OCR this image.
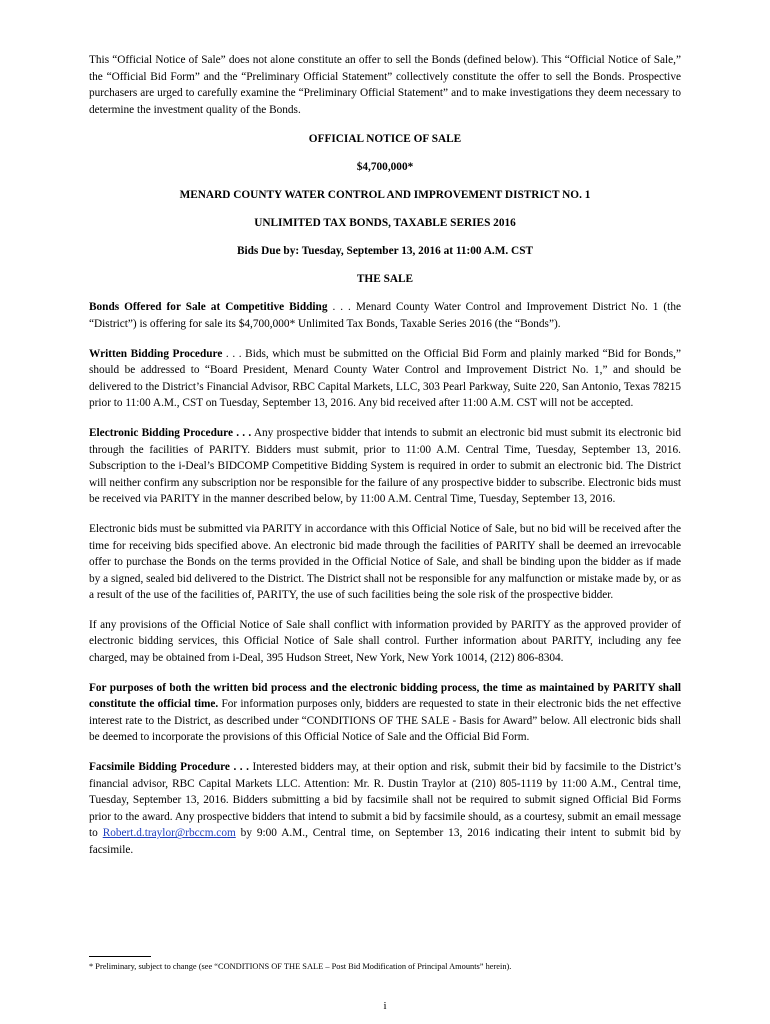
This “Official Notice of Sale” does not alone constitute an offer to sell the Bonds (defined below). This “Official Notice of Sale,” the “Official Bid Form” and the “Preliminary Official Statement” collectively constitute the offer to sell the Bonds. Prospective purchasers are urged to carefully examine the “Preliminary Official Statement” and to make investigations they deem necessary to determine the investment quality of the Bonds.

OFFICIAL NOTICE OF SALE
$4,700,000*
MENARD COUNTY WATER CONTROL AND IMPROVEMENT DISTRICT NO. 1
UNLIMITED TAX BONDS, TAXABLE SERIES 2016
Bids Due by: Tuesday, September 13, 2016 at 11:00 A.M. CST
THE SALE

Bonds Offered for Sale at Competitive Bidding . . . Menard County Water Control and Improvement District No. 1 (the “District”) is offering for sale its $4,700,000* Unlimited Tax Bonds, Taxable Series 2016 (the “Bonds”).

Written Bidding Procedure . . . Bids, which must be submitted on the Official Bid Form and plainly marked “Bid for Bonds,” should be addressed to “Board President, Menard County Water Control and Improvement District No. 1,” and should be delivered to the District’s Financial Advisor, RBC Capital Markets, LLC, 303 Pearl Parkway, Suite 220, San Antonio, Texas 78215 prior to 11:00 A.M., CST on Tuesday, September 13, 2016. Any bid received after 11:00 A.M. CST will not be accepted.

Electronic Bidding Procedure . . . Any prospective bidder that intends to submit an electronic bid must submit its electronic bid through the facilities of PARITY. Bidders must submit, prior to 11:00 A.M. Central Time, Tuesday, September 13, 2016. Subscription to the i-Deal’s BIDCOMP Competitive Bidding System is required in order to submit an electronic bid. The District will neither confirm any subscription nor be responsible for the failure of any prospective bidder to subscribe. Electronic bids must be received via PARITY in the manner described below, by 11:00 A.M. Central Time, Tuesday, September 13, 2016.

Electronic bids must be submitted via PARITY in accordance with this Official Notice of Sale, but no bid will be received after the time for receiving bids specified above. An electronic bid made through the facilities of PARITY shall be deemed an irrevocable offer to purchase the Bonds on the terms provided in the Official Notice of Sale, and shall be binding upon the bidder as if made by a signed, sealed bid delivered to the District. The District shall not be responsible for any malfunction or mistake made by, or as a result of the use of the facilities of, PARITY, the use of such facilities being the sole risk of the prospective bidder.

If any provisions of the Official Notice of Sale shall conflict with information provided by PARITY as the approved provider of electronic bidding services, this Official Notice of Sale shall control. Further information about PARITY, including any fee charged, may be obtained from i-Deal, 395 Hudson Street, New York, New York 10014, (212) 806-8304.

For purposes of both the written bid process and the electronic bidding process, the time as maintained by PARITY shall constitute the official time. For information purposes only, bidders are requested to state in their electronic bids the net effective interest rate to the District, as described under “CONDITIONS OF THE SALE - Basis for Award” below. All electronic bids shall be deemed to incorporate the provisions of this Official Notice of Sale and the Official Bid Form.

Facsimile Bidding Procedure . . . Interested bidders may, at their option and risk, submit their bid by facsimile to the District’s financial advisor, RBC Capital Markets LLC. Attention: Mr. R. Dustin Traylor at (210) 805-1119 by 11:00 A.M., Central time, Tuesday, September 13, 2016. Bidders submitting a bid by facsimile shall not be required to submit signed Official Bid Forms prior to the award. Any prospective bidders that intend to submit a bid by facsimile should, as a courtesy, submit an email message to Robert.d.traylor@rbccm.com by 9:00 A.M., Central time, on September 13, 2016 indicating their intent to submit bid by facsimile.

* Preliminary, subject to change (see “CONDITIONS OF THE SALE – Post Bid Modification of Principal Amounts” herein).
i
